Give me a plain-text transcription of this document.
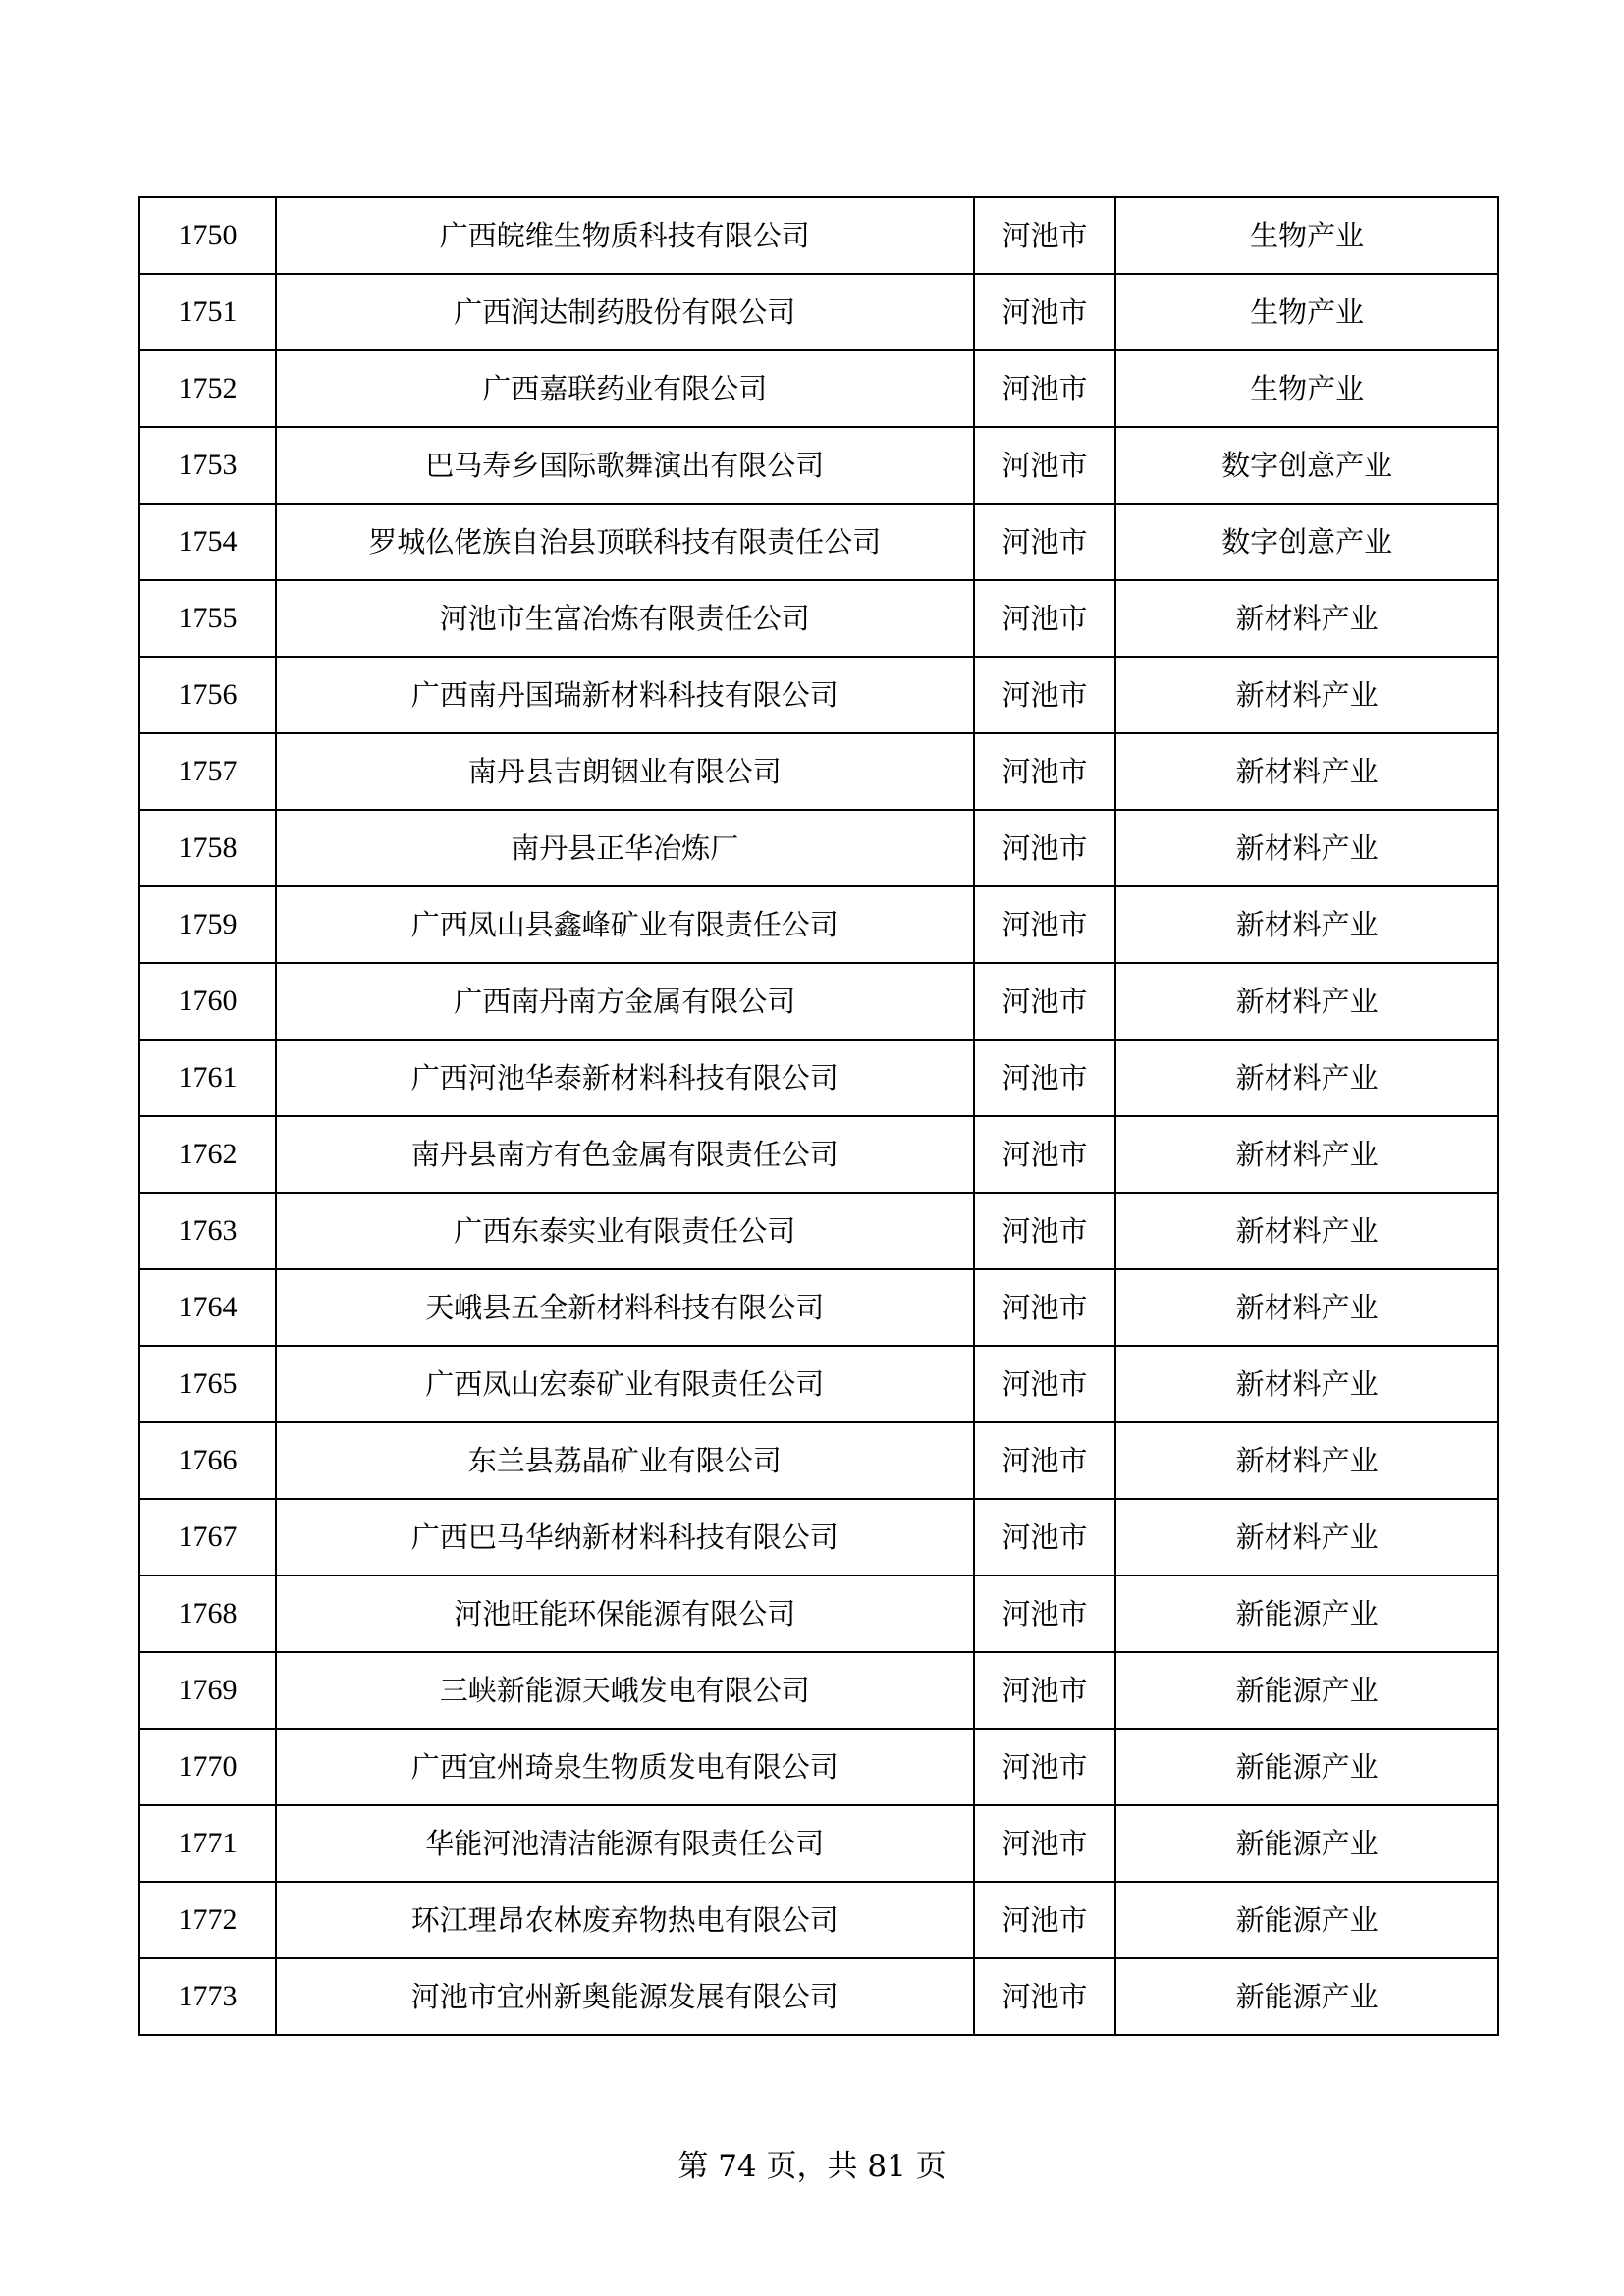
1750	广西皖维生物质科技有限公司	河池市	生物产业
1751	广西润达制药股份有限公司	河池市	生物产业
1752	广西嘉联药业有限公司	河池市	生物产业
1753	巴马寿乡国际歌舞演出有限公司	河池市	数字创意产业
1754	罗城仫佬族自治县顶联科技有限责任公司	河池市	数字创意产业
1755	河池市生富冶炼有限责任公司	河池市	新材料产业
1756	广西南丹国瑞新材料科技有限公司	河池市	新材料产业
1757	南丹县吉朗铟业有限公司	河池市	新材料产业
1758	南丹县正华冶炼厂	河池市	新材料产业
1759	广西凤山县鑫峰矿业有限责任公司	河池市	新材料产业
1760	广西南丹南方金属有限公司	河池市	新材料产业
1761	广西河池华泰新材料科技有限公司	河池市	新材料产业
1762	南丹县南方有色金属有限责任公司	河池市	新材料产业
1763	广西东泰实业有限责任公司	河池市	新材料产业
1764	天峨县五全新材料科技有限公司	河池市	新材料产业
1765	广西凤山宏泰矿业有限责任公司	河池市	新材料产业
1766	东兰县荔晶矿业有限公司	河池市	新材料产业
1767	广西巴马华纳新材料科技有限公司	河池市	新材料产业
1768	河池旺能环保能源有限公司	河池市	新能源产业
1769	三峡新能源天峨发电有限公司	河池市	新能源产业
1770	广西宜州琦泉生物质发电有限公司	河池市	新能源产业
1771	华能河池清洁能源有限责任公司	河池市	新能源产业
1772	环江理昂农林废弃物热电有限公司	河池市	新能源产业
1773	河池市宜州新奥能源发展有限公司	河池市	新能源产业
第 74 页，共 81 页
